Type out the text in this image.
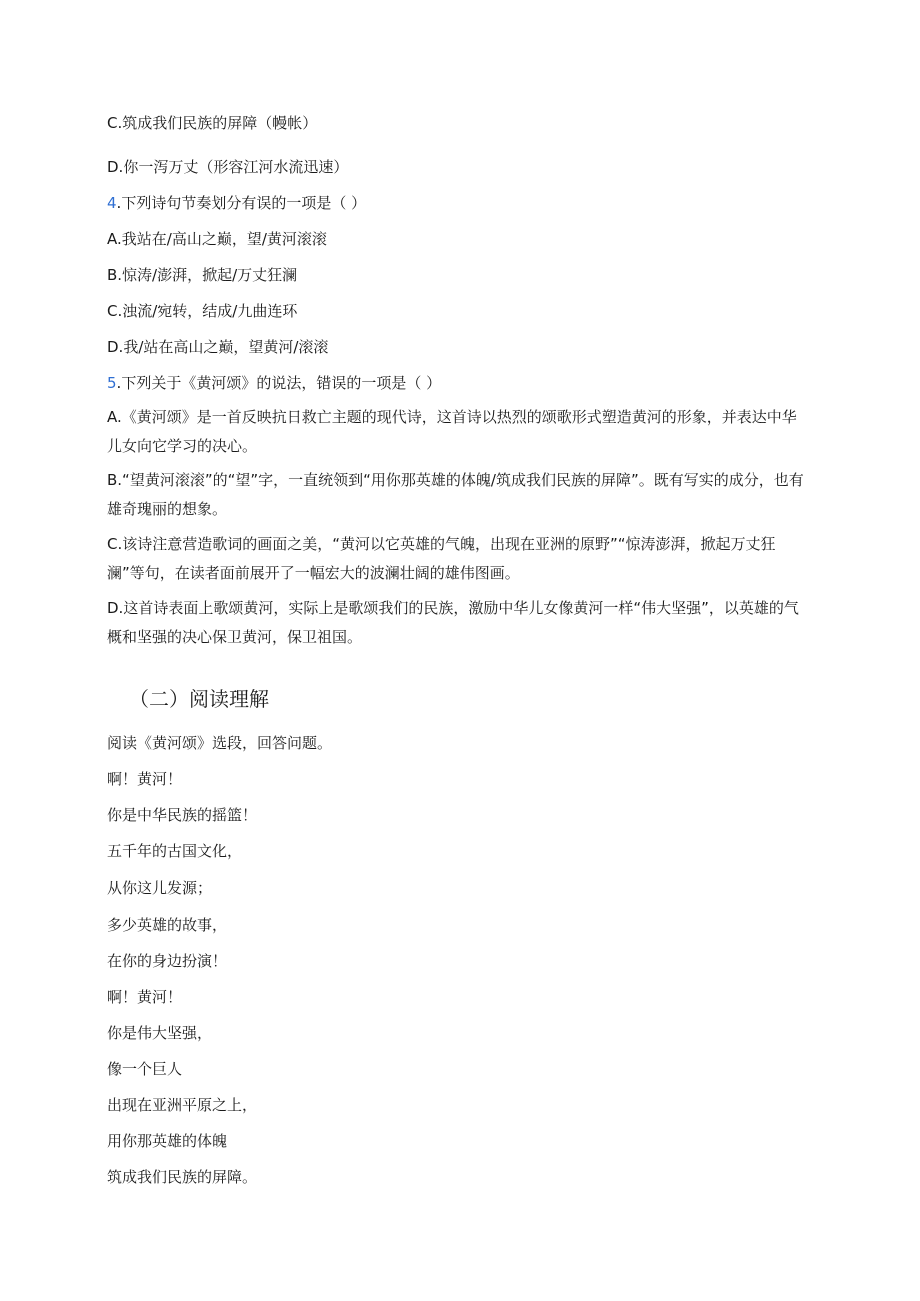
C.筑成我们民族的屏障（幔帐）
D.你一泻万丈（形容江河水流迅速）
4.下列诗句节奏划分有误的一项是（ ）
A.我站在/高山之巅，望/黄河滚滚
B.惊涛/澎湃，掀起/万丈狂澜
C.浊流/宛转，结成/九曲连环
D.我/站在高山之巅，望黄河/滚滚
5.下列关于《黄河颂》的说法，错误的一项是（ ）
A.《黄河颂》是一首反映抗日救亡主题的现代诗，这首诗以热烈的颂歌形式塑造黄河的形象，并表达中华儿女向它学习的决心。
B.“望黄河滚滚”的“望”字，一直统领到“用你那英雄的体魄/筑成我们民族的屏障”。既有写实的成分，也有雄奇瑰丽的想象。
C.该诗注意营造歌词的画面之美，“黄河以它英雄的气魄，出现在亚洲的原野”“惊涛澎湃，掀起万丈狂澜”等句，在读者面前展开了一幅宏大的波澜壮阔的雄伟图画。
D.这首诗表面上歌颂黄河，实际上是歌颂我们的民族，激励中华儿女像黄河一样“伟大坚强”，以英雄的气概和坚强的决心保卫黄河，保卫祖国。
（二）阅读理解
阅读《黄河颂》选段，回答问题。
啊！黄河！
你是中华民族的摇篮！
五千年的古国文化，
从你这儿发源；
多少英雄的故事，
在你的身边扮演！
啊！黄河！
你是伟大坚强，
像一个巨人
出现在亚洲平原之上，
用你那英雄的体魄
筑成我们民族的屏障。
